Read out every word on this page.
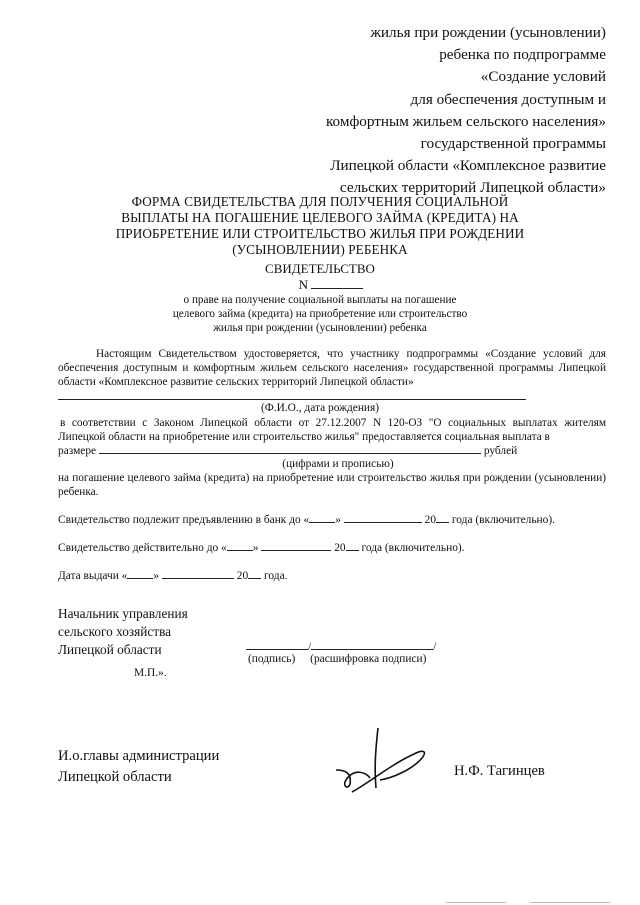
жилья при рождении (усыновлении)
ребенка по подпрограмме
«Создание условий
для обеспечения доступным и
комфортным жильем сельского населения»
государственной программы
Липецкой области «Комплексное развитие
сельских территорий Липецкой области»
ФОРМА СВИДЕТЕЛЬСТВА ДЛЯ ПОЛУЧЕНИЯ СОЦИАЛЬНОЙ
ВЫПЛАТЫ НА ПОГАШЕНИЕ ЦЕЛЕВОГО ЗАЙМА (КРЕДИТА) НА
ПРИОБРЕТЕНИЕ ИЛИ СТРОИТЕЛЬСТВО ЖИЛЬЯ ПРИ РОЖДЕНИИ
(УСЫНОВЛЕНИИ) РЕБЕНКА
СВИДЕТЕЛЬСТВО
N
о праве на получение социальной выплаты на погашение
целевого займа (кредита) на приобретение или строительство
жилья при рождении (усыновлении) ребенка
Настоящим Свидетельством удостоверяется, что участнику подпрограммы «Создание условий для обеспечения доступным и комфортным жильем сельского населения» государственной программы Липецкой области «Комплексное развитие сельских территорий Липецкой области»
(Ф.И.О., дата рождения)
в соответствии с Законом Липецкой области от 27.12.2007 N 120-ОЗ "О социальных выплатах жителям Липецкой области на приобретение или строительство жилья" предоставляется социальная выплата в
размере	рублей
(цифрами и прописью)
на погашение целевого займа (кредита) на приобретение или строительство жилья при рождении (усыновлении) ребенка.
Свидетельство подлежит предъявлению в банк до « »	20 года (включительно).
Свидетельство действительно до « »	20 года (включительно).
Дата выдачи « »	20 года.
Начальник управления
сельского хозяйства
Липецкой области	/	/
(подпись) (расшифровка подписи)
М.П.».
И.о.главы администрации
Липецкой области	Н.Ф. Тагинцев
